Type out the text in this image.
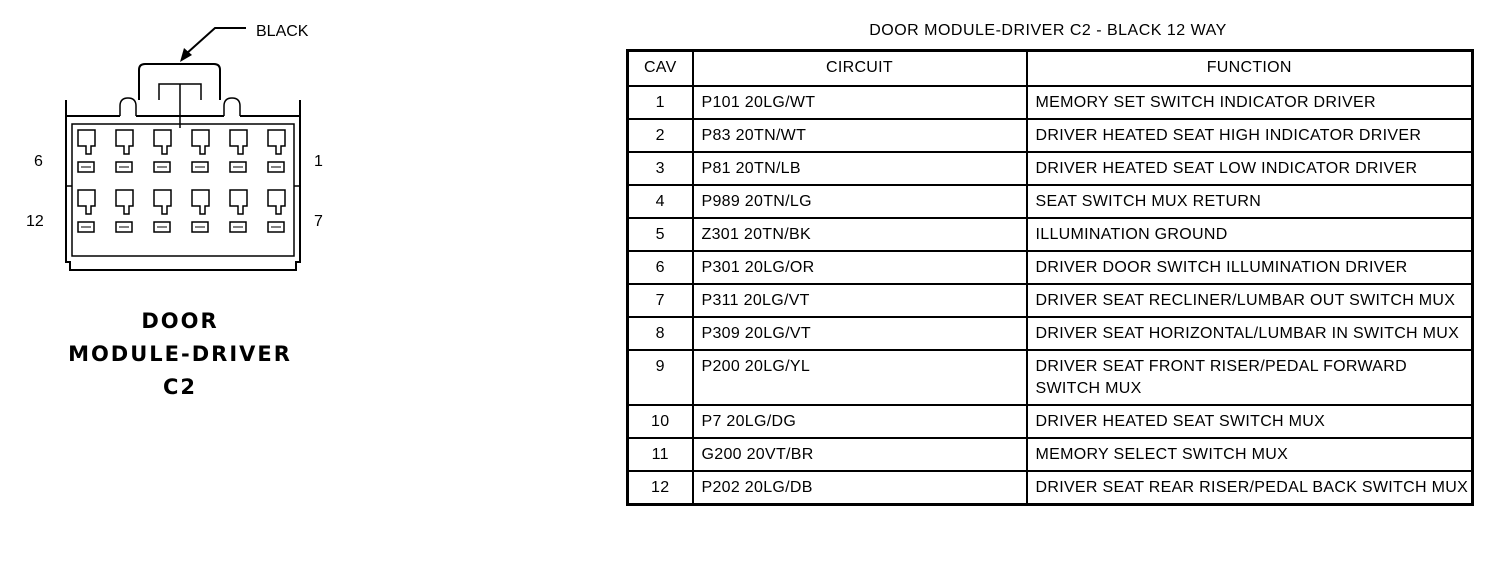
BLACK
6	1
12	7
DOOR
MODULE-DRIVER
C2
DOOR MODULE-DRIVER C2 - BLACK 12 WAY
CAV	CIRCUIT	FUNCTION
1	P101 20LG/WT	MEMORY SET SWITCH INDICATOR DRIVER
2	P83 20TN/WT	DRIVER HEATED SEAT HIGH INDICATOR DRIVER
3	P81 20TN/LB	DRIVER HEATED SEAT LOW INDICATOR DRIVER
4	P989 20TN/LG	SEAT SWITCH MUX RETURN
5	Z301 20TN/BK	ILLUMINATION GROUND
6	P301 20LG/OR	DRIVER DOOR SWITCH ILLUMINATION DRIVER
7	P311 20LG/VT	DRIVER SEAT RECLINER/LUMBAR OUT SWITCH MUX
8	P309 20LG/VT	DRIVER SEAT HORIZONTAL/LUMBAR IN SWITCH MUX
9	P200 20LG/YL	DRIVER SEAT FRONT RISER/PEDAL FORWARD SWITCH MUX
10	P7 20LG/DG	DRIVER HEATED SEAT SWITCH MUX
11	G200 20VT/BR	MEMORY SELECT SWITCH MUX
12	P202 20LG/DB	DRIVER SEAT REAR RISER/PEDAL BACK SWITCH MUX
